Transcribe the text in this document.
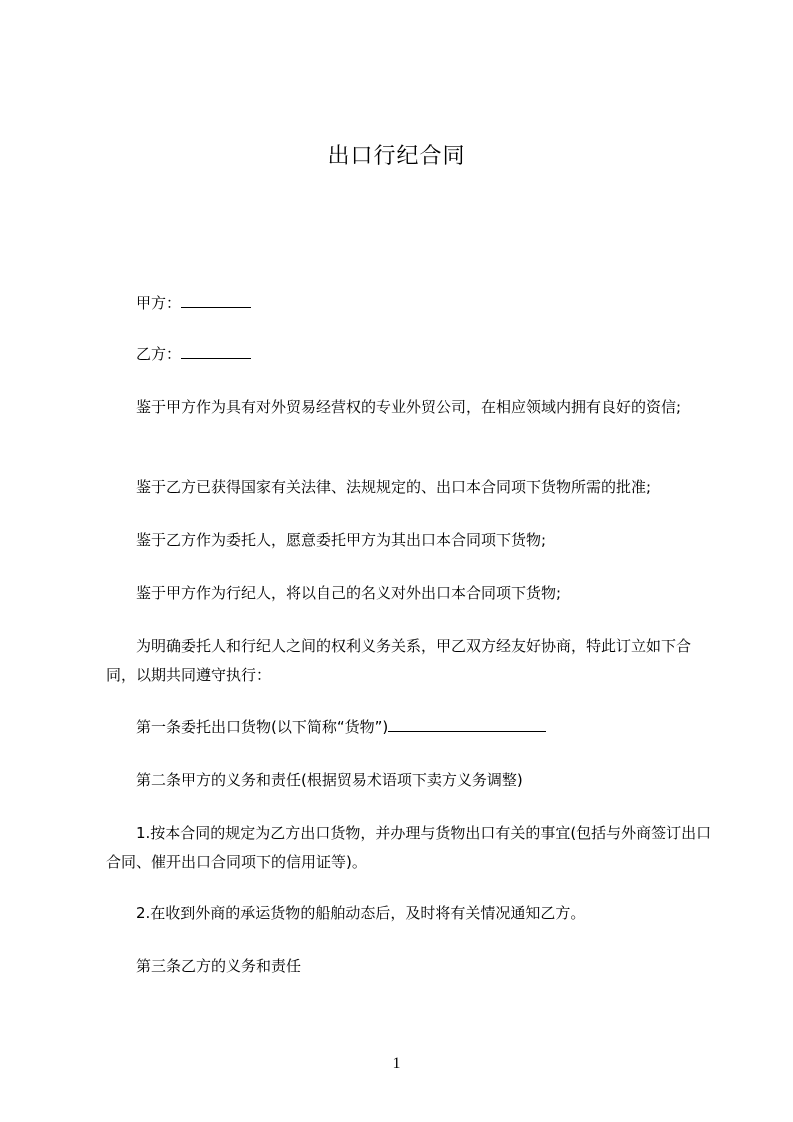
出口行纪合同
甲方：
乙方：
鉴于甲方作为具有对外贸易经营权的专业外贸公司，在相应领域内拥有良好的资信;
鉴于乙方已获得国家有关法律、法规规定的、出口本合同项下货物所需的批准;
鉴于乙方作为委托人，愿意委托甲方为其出口本合同项下货物;
鉴于甲方作为行纪人，将以自己的名义对外出口本合同项下货物;
为明确委托人和行纪人之间的权利义务关系，甲乙双方经友好协商，特此订立如下合同，以期共同遵守执行：
第一条委托出口货物(以下简称“货物”)
第二条甲方的义务和责任(根据贸易术语项下卖方义务调整)
1.按本合同的规定为乙方出口货物，并办理与货物出口有关的事宜(包括与外商签订出口合同、催开出口合同项下的信用证等)。
2.在收到外商的承运货物的船舶动态后，及时将有关情况通知乙方。
第三条乙方的义务和责任
1
